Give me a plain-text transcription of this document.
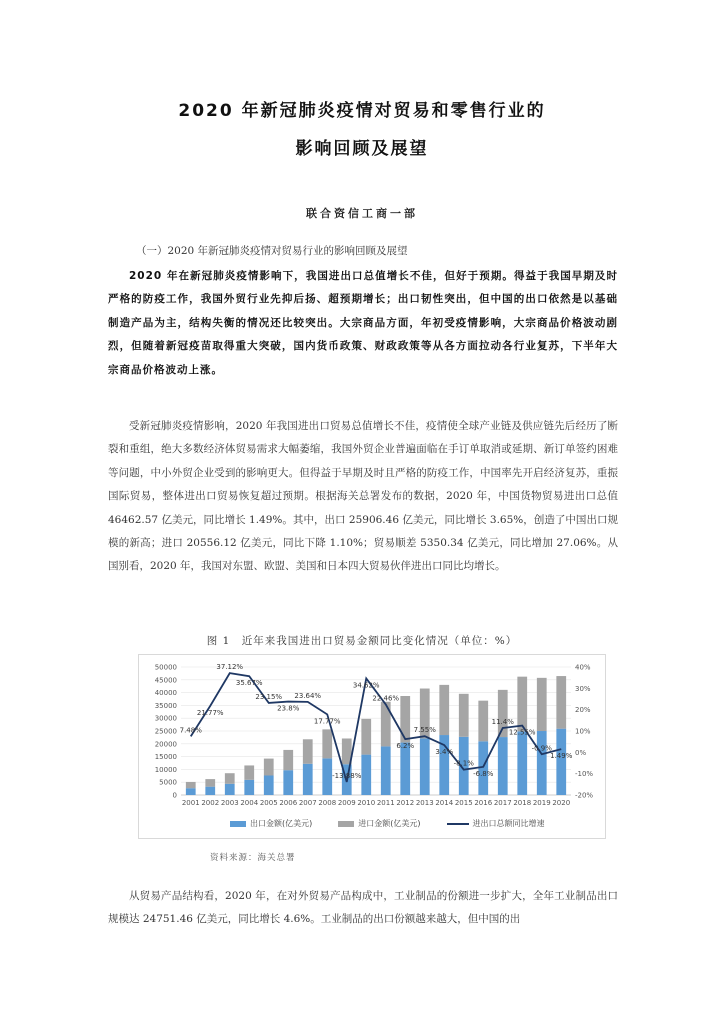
2020 年新冠肺炎疫情对贸易和零售行业的
影响回顾及展望
联合资信工商一部
（一）2020 年新冠肺炎疫情对贸易行业的影响回顾及展望

2020 年在新冠肺炎疫情影响下，我国进出口总值增长不佳，但好于预期。得益于我国早期及时严格的防疫工作，我国外贸行业先抑后扬、超预期增长；出口韧性突出，但中国的出口依然是以基础制造产品为主，结构失衡的情况还比较突出。大宗商品方面，年初受疫情影响，大宗商品价格波动剧烈，但随着新冠疫苗取得重大突破，国内货币政策、财政政策等从各方面拉动各行业复苏，下半年大宗商品价格波动上涨。

受新冠肺炎疫情影响，2020 年我国进出口贸易总值增长不佳，疫情使全球产业链及供应链先后经历了断裂和重组，绝大多数经济体贸易需求大幅萎缩，我国外贸企业普遍面临在手订单取消或延期、新订单签约困难等问题，中小外贸企业受到的影响更大。但得益于早期及时且严格的防疫工作，中国率先开启经济复苏，重振国际贸易，整体进出口贸易恢复超过预期。根据海关总署发布的数据，2020 年，中国货物贸易进出口总值 46462.57 亿美元，同比增长 1.49%。其中，出口 25906.46 亿美元，同比增长 3.65%，创造了中国出口规模的新高；进口 20556.12 亿美元，同比下降 1.10%；贸易顺差 5350.34 亿美元，同比增加 27.06%。从国别看，2020 年，我国对东盟、欧盟、美国和日本四大贸易伙伴进出口同比均增长。

图 1　近年来我国进出口贸易金额同比变化情况（单位：%）
0
5000
10000
15000
20000
25000
30000
35000
40000
45000
50000
-20%
-10%
0%
10%
20%
30%
40%
2001 2002 2003 2004 2005 2006 2007 2008 2009 2010 2011 2012 2013 2014 2015 2016 2017 2018 2019 2020
7.48%
21.77%
37.12%
35.67%
23.15%
23.8%
23.64%
17.77%
-13.88%
34.62%
22.46%
6.2%
7.55%
3.4%
-8.1%
-6.8%
11.4%
12.55%
-0.9%
1.49%
出口金额(亿美元)	进口金额(亿美元)	进出口总额同比增速
资料来源：海关总署

从贸易产品结构看，2020 年，在对外贸易产品构成中，工业制品的份额进一步扩大，全年工业制品出口规模达 24751.46 亿美元，同比增长 4.6%。工业制品的出口份额越来越大，但中国的出
